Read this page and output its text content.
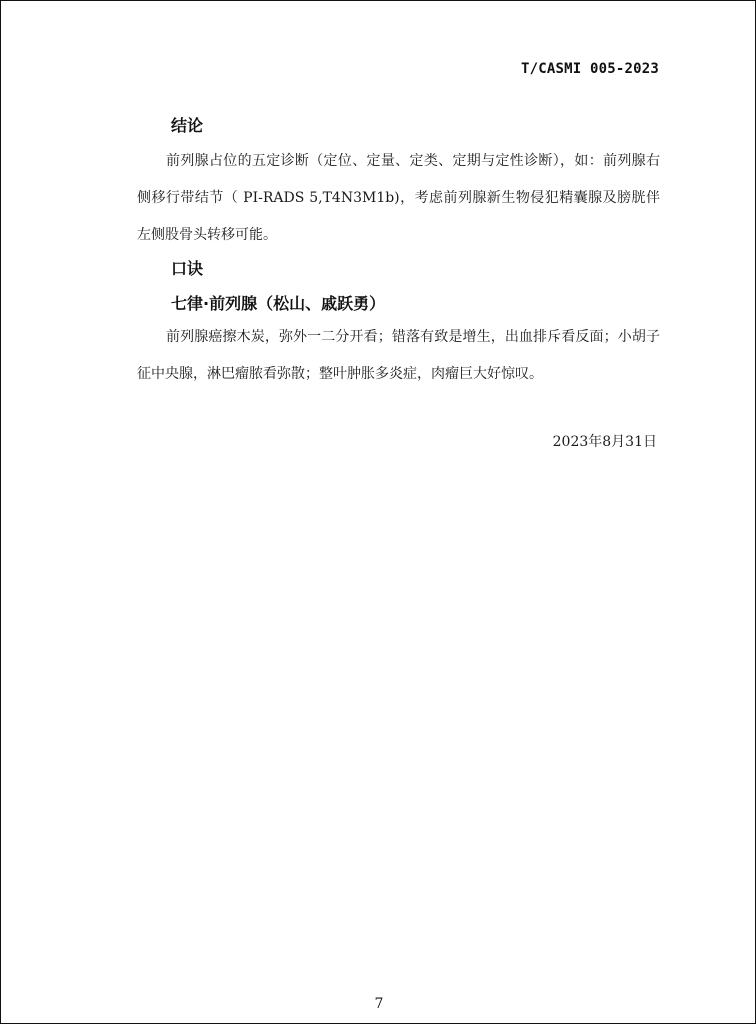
T/CASMI 005-2023
结论

前列腺占位的五定诊断（定位、定量、定类、定期与定性诊断），如：前列腺右侧移行带结节（ PI-RADS 5,T4N3M1b)，考虑前列腺新生物侵犯精囊腺及膀胱伴左侧股骨头转移可能。

口诀
七律·前列腺（松山、戚跃勇）

前列腺癌擦木炭，弥外一二分开看；错落有致是增生，出血排斥看反面；小胡子征中央腺，淋巴瘤脓看弥散；整叶肿胀多炎症，肉瘤巨大好惊叹。

2023年8月31日
7
